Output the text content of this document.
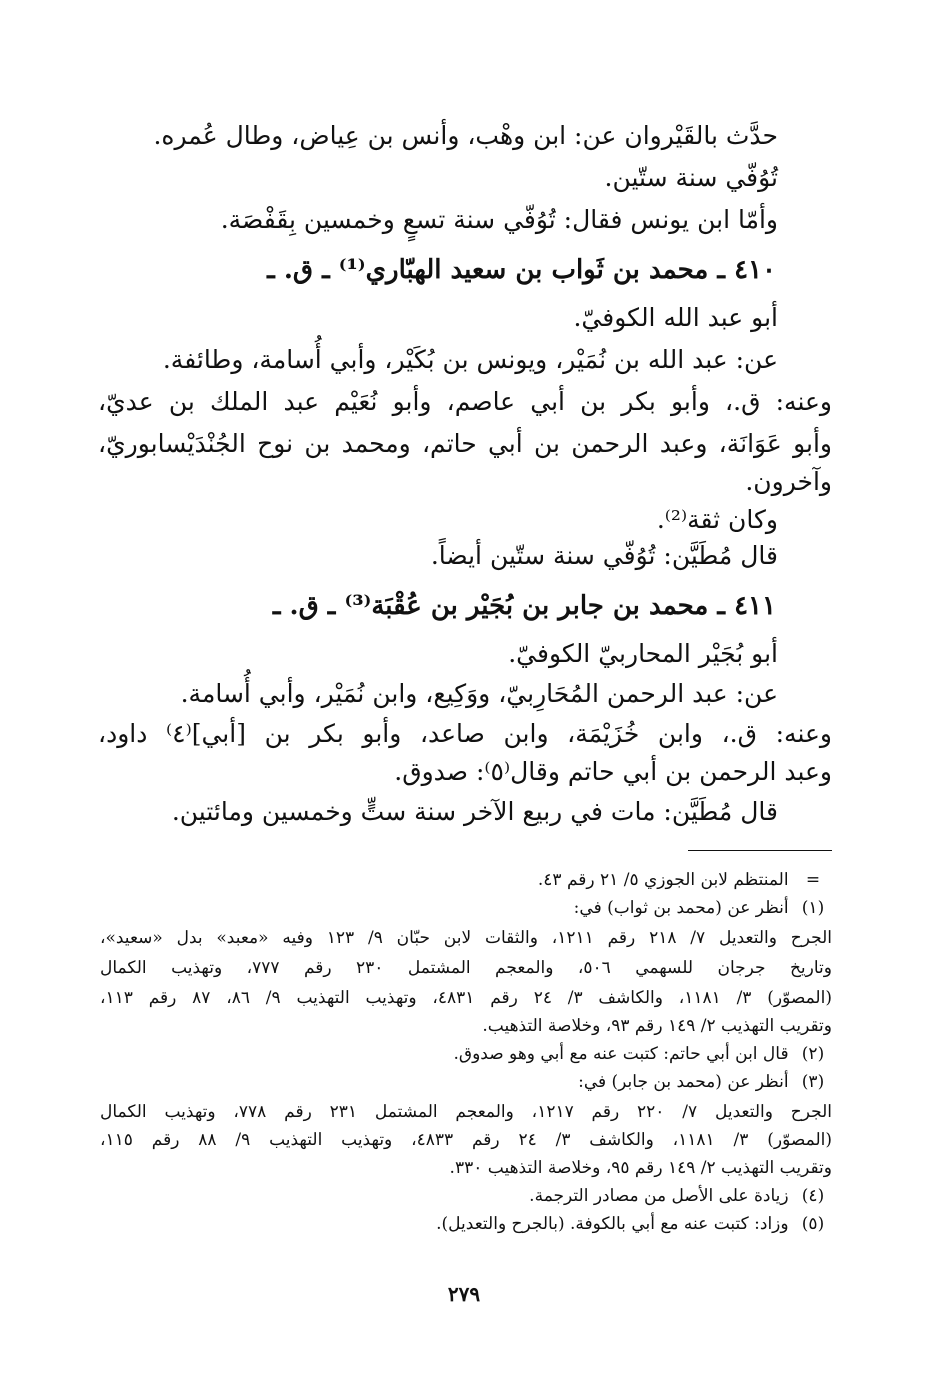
حدَّث بالقَيْروان عن: ابن وهْب، وأنس بن عِياض، وطال عُمره.

تُوُفّي سنة ستّين.

وأمّا ابن يونس فقال: تُوُفّي سنة تسعٍ وخمسين بِقَفْصَة.

٤١٠ ـ محمد بن ثَواب بن سعيد الهبّاري⁽¹⁾ ـ ق. ـ

أبو عبد الله الكوفيّ.

عن: عبد الله بن نُمَيْر، ويونس بن بُكَيْر، وأبي أُسامة، وطائفة.

وعنه: ق.، وأبو بكر بن أبي عاصم، وأبو نُعَيْم عبد الملك بن عديّ،

وأبو عَوَانَة، وعبد الرحمن بن أبي حاتم، ومحمد بن نوح الجُنْدَيْسابوريّ،

وآخرون.

وكان ثقة⁽²⁾.

قال مُطَيَّن: تُوُفّي سنة ستّين أيضاً.

٤١١ ـ محمد بن جابر بن بُجَيْر بن عُقْبَة⁽³⁾ ـ ق. ـ

أبو بُجَيْر المحاربيّ الكوفيّ.

عن: عبد الرحمن المُحَارِبيّ، ووَكِيع، وابن نُمَيْر، وأبي أُسامة.

وعنه: ق.، وابن خُزَيْمَة، وابن صاعد، وأبو بكر بن [أبي]⁽٤⁾ داود،

وعبد الرحمن بن أبي حاتم وقال⁽٥⁾: صدوق.

قال مُطَيَّن: مات في ربيع الآخر سنة ستٍّ وخمسين ومائتين.

= المنتظم لابن الجوزي ٥/ ٢١ رقم ٤٣.

(١) أنظر عن (محمد بن ثواب) في:

الجرح والتعديل ٧/ ٢١٨ رقم ١٢١١، والثقات لابن حبّان ٩/ ١٢٣ وفيه «معبد» بدل «سعيد»،

وتاريخ جرجان للسهمي ٥٠٦، والمعجم المشتمل ٢٣٠ رقم ٧٧٧، وتهذيب الكمال

(المصوّر) ٣/ ١١٨١، والكاشف ٣/ ٢٤ رقم ٤٨٣١، وتهذيب التهذيب ٩/ ٨٦، ٨٧ رقم ١١٣،

وتقريب التهذيب ٢/ ١٤٩ رقم ٩٣، وخلاصة التذهيب.

(٢) قال ابن أبي حاتم: كتبت عنه مع أبي وهو صدوق.

(٣) أنظر عن (محمد بن جابر) في:

الجرح والتعديل ٧/ ٢٢٠ رقم ١٢١٧، والمعجم المشتمل ٢٣١ رقم ٧٧٨، وتهذيب الكمال

(المصوّر) ٣/ ١١٨١، والكاشف ٣/ ٢٤ رقم ٤٨٣٣، وتهذيب التهذيب ٩/ ٨٨ رقم ١١٥،

وتقريب التهذيب ٢/ ١٤٩ رقم ٩٥، وخلاصة التذهيب ٣٣٠.

(٤) زيادة على الأصل من مصادر الترجمة.

(٥) وزاد: كتبت عنه مع أبي بالكوفة. (بالجرح والتعديل).

٢٧٩
